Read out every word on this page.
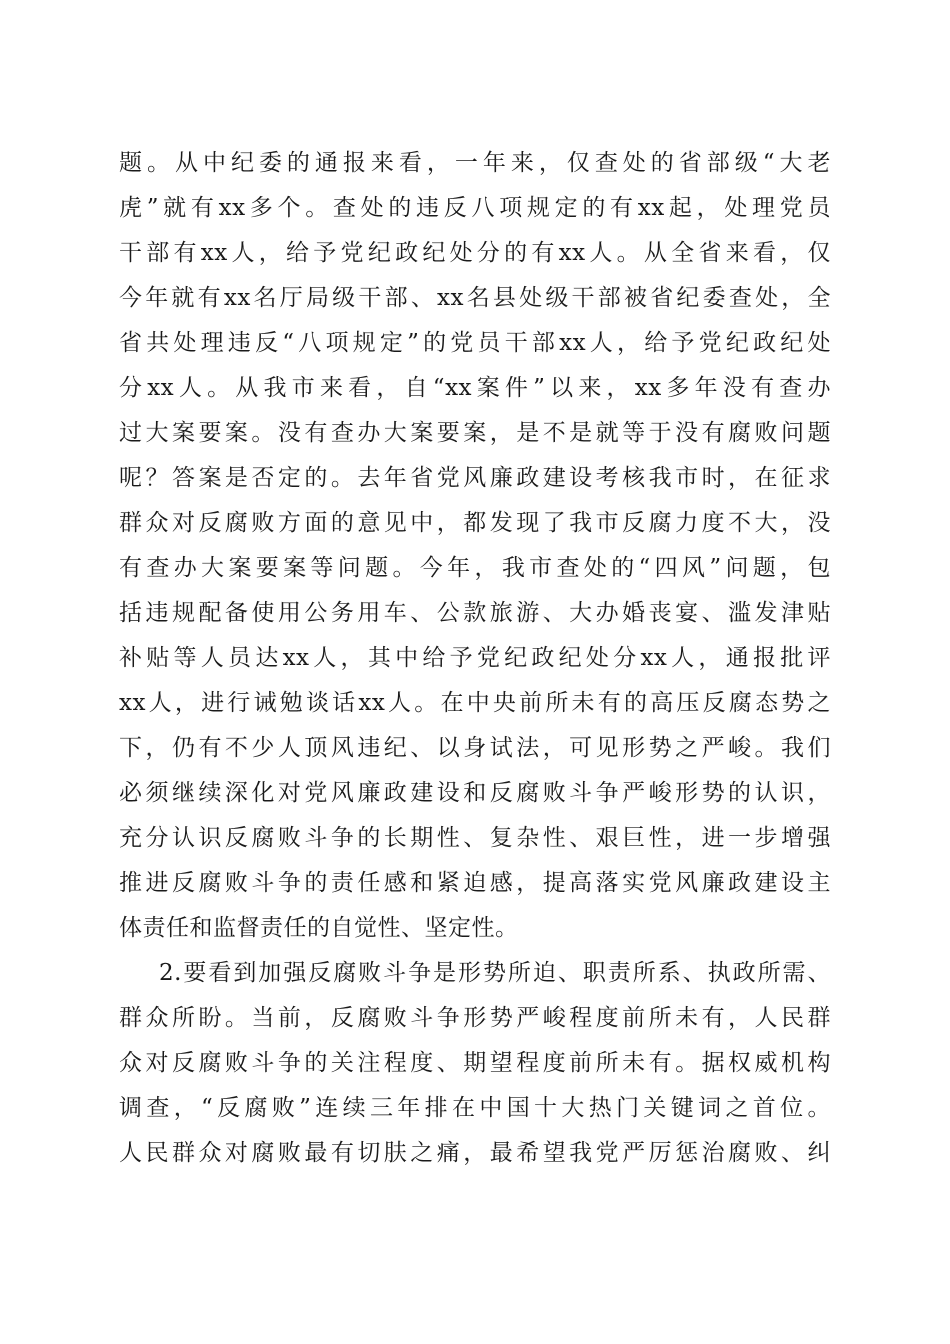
题。从中纪委的通报来看，一年来，仅查处的省部级“大老
虎”就有xx多个。查处的违反八项规定的有xx起，处理党员
干部有xx人，给予党纪政纪处分的有xx人。从全省来看，仅
今年就有xx名厅局级干部、xx名县处级干部被省纪委查处，全
省共处理违反“八项规定”的党员干部xx人，给予党纪政纪处
分xx人。从我市来看，自“xx案件”以来，xx多年没有查办
过大案要案。没有查办大案要案，是不是就等于没有腐败问题
呢？答案是否定的。去年省党风廉政建设考核我市时，在征求
群众对反腐败方面的意见中，都发现了我市反腐力度不大，没
有查办大案要案等问题。今年，我市查处的“四风”问题，包
括违规配备使用公务用车、公款旅游、大办婚丧宴、滥发津贴
补贴等人员达xx人，其中给予党纪政纪处分xx人，通报批评
xx人，进行诫勉谈话xx人。在中央前所未有的高压反腐态势之
下，仍有不少人顶风违纪、以身试法，可见形势之严峻。我们
必须继续深化对党风廉政建设和反腐败斗争严峻形势的认识，
充分认识反腐败斗争的长期性、复杂性、艰巨性，进一步增强
推进反腐败斗争的责任感和紧迫感，提高落实党风廉政建设主
体责任和监督责任的自觉性、坚定性。
2.要看到加强反腐败斗争是形势所迫、职责所系、执政所需、
群众所盼。当前，反腐败斗争形势严峻程度前所未有，人民群
众对反腐败斗争的关注程度、期望程度前所未有。据权威机构
调查，“反腐败”连续三年排在中国十大热门关键词之首位。
人民群众对腐败最有切肤之痛，最希望我党严厉惩治腐败、纠
